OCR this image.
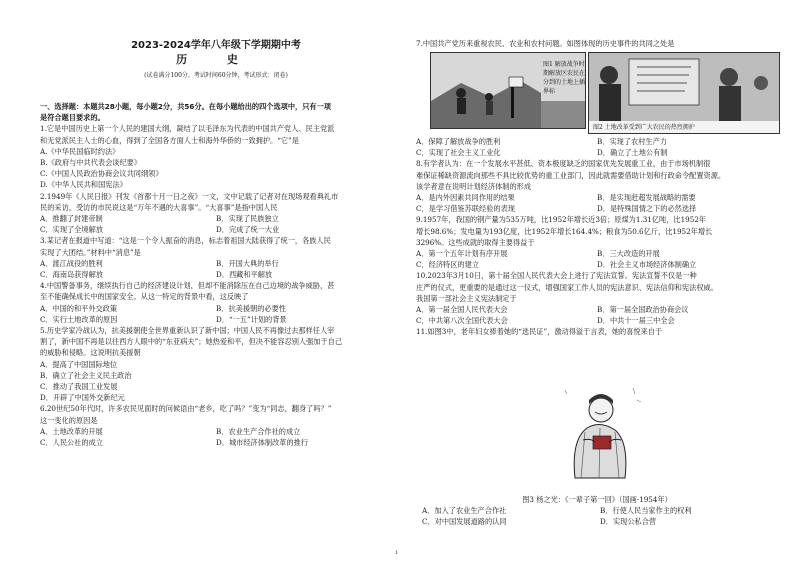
2023-2024学年八年级下学期期中考
历 史
(试卷满分100分，考试时间60分钟，考试形式：闭卷)
一、选择题：本题共28小题，每小题2分，共56分。在每小题给出的四个选项中，只有一项
是符合题目要求的。
1.它是中国历史上第一个人民的建国大纲，凝结了以毛泽东为代表的中国共产党人、民主党派
和无党派民主人士的心血，得到了全国各方面人士和海外华侨的一致拥护。“它”是
A.《中华民国临时约法》
B.《政府与中共代表会谈纪要》
C.《中国人民政治协商会议共同纲领》
D.《中华人民共和国宪法》
2.1949年《人民日报》刊发《首都十月一日之夜》一文，文中记载了记者对在现场观看典礼市
民的采访，受访的市民说这是“万年不遇的大喜事”。“大喜事”是指中国人民
A．推翻了封建帝制	B．实现了民族独立
C．实现了全境解放	D．完成了统一大业
3.某记者在报道中写道：“这是一个令人振奋的消息，标志着祖国大陆获得了统一，各族人民
实现了大团结。”材料中“消息”是
A．渡江战役的胜利	B．开国大典的举行
C．海南岛获得解放	D．西藏和平解放
4.中国警备事务，继续执行自己的经济建设计划，但却不能消除压在自己边境的战争威胁，甚
至不能确保成长中的国家安全。从这一特定的背景中看，这反映了
A．中国的和平外交政策	B．抗美援朝的必要性
C．实行土地改革的原因	D．“一五”计划的背景
5.历史学家冷战认为，抗美援朝使全世界重新认识了新中国；中国人民不再像过去那样任人宰
割了，新中国不再是以往西方人眼中的“东亚病夫”；她热爱和平，但决不能容忍别人强加于自己
的威胁和侵略。这说明抗美援朝
A．提高了中国国际地位
B．确立了社会主义民主政治
C．推动了我国工业发展
D．开辟了中国外交新纪元
6.20世纪50年代时，许多农民见面时的问候语由“老乡，吃了吗？”变为“同志，翻身了吗？”
这一变化的原因是
A．土地改革的开展	B．农业生产合作社的成立
C．人民公社的成立	D．城市经济体制改革的推行
7.中国共产党历来重视农民、农业和农村问题。如图体现的历史事件的共同之处是
图1 解放战争时
期解放区农民在
分到的土地上插
界标
图2 土地改革受到广大农民的热烈拥护
A．保障了解放战争的胜利	B．实现了农村生产力
C．实现了社会主义工业化	D．确立了土地公有制
8.有学者认为：在一个发展水平甚低、资本极度缺乏的国家优先发展重工业，由于市场机制很
难保证稀缺资源流向那些不具比较优势的重工业部门，因此就需要借助计划和行政命令配置资源。
该学者意在说明计划经济体制的形成
A．是内外因素共同作用的结果	B．是实现赶超发展战略的需要
C．是学习借鉴苏联经验的表现	D．是特殊国情之下的必然选择
9.1957年，我国的钢产量为535万吨，比1952年增长近3倍；原煤为1.31亿吨，比1952年
增长98.6%；发电量为193亿度，比1952年增长164.4%；粮食为50.6亿斤，比1952年增长
3296%。这些成就的取得主要得益于
A．第一个五年计划有序开展	B．三大改造的开展
C．经济特区的建立	D．社会主义市场经济体制确立
10.2023年3月10日，第十届全国人民代表大会上进行了宪法宣誓。宪法宣誓不仅是一种
庄严的仪式，更重要的是通过这一仪式，增强国家工作人员的宪法意识、宪法信仰和宪法权威。
我国第一部社会主义宪法制定于
A．第一届全国人民代表大会	B．第一届全国政治协商会议
C．中共第八次全国代表大会	D．中共十一届三中全会
11.如图3中，老年妇女捧着她的“选民证”，激动得溢于言表，她的喜悦来自于
图3 杨之光：《一辈子第一回》（国画·1954年）
A．加入了农业生产合作社	B．行使人民当家作主的权利
C．对中国发展道路的认同	D．实现公私合营
1
